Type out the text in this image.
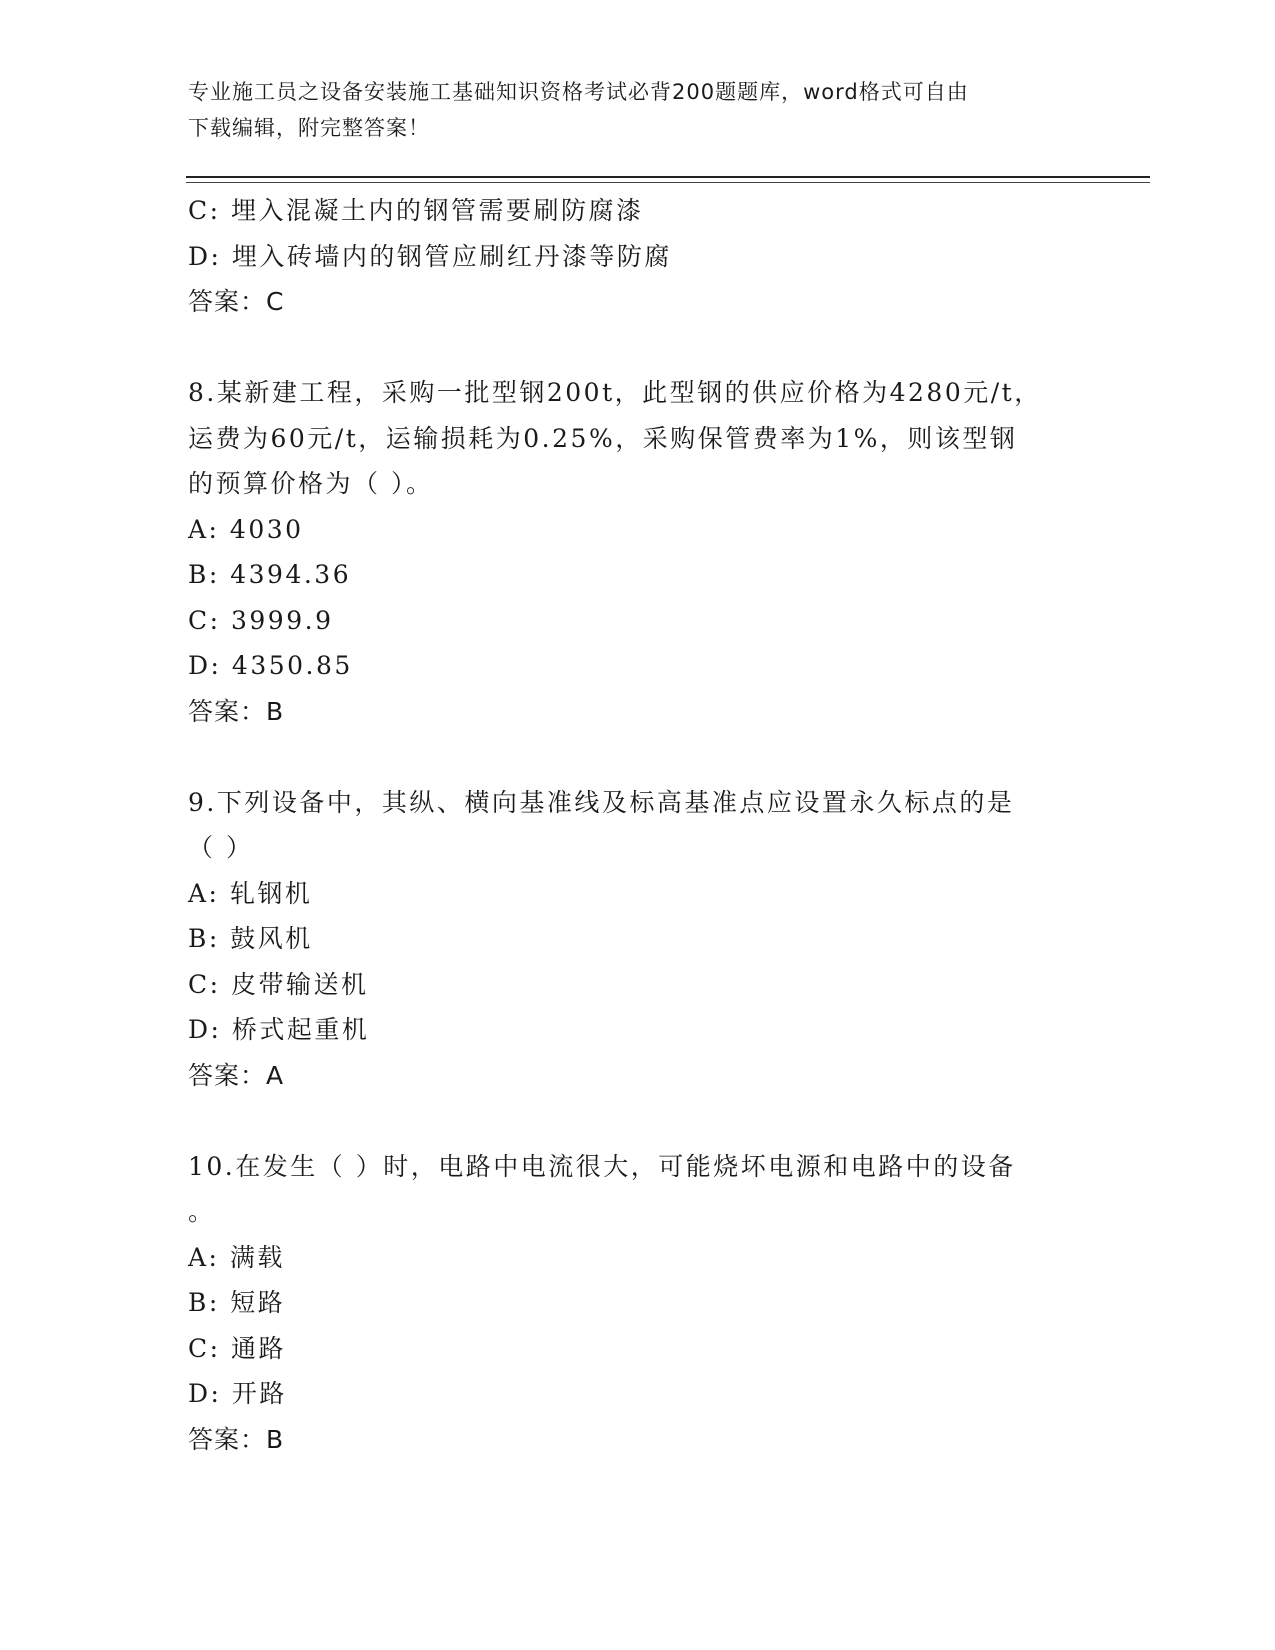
专业施工员之设备安装施工基础知识资格考试必背200题题库，word格式可自由
下载编辑，附完整答案！
C: 埋入混凝土内的钢管需要刷防腐漆
D: 埋入砖墙内的钢管应刷红丹漆等防腐
答案：C
8.某新建工程，采购一批型钢200t，此型钢的供应价格为4280元/t，
运费为60元/t，运输损耗为0.25%，采购保管费率为1%，则该型钢
的预算价格为（ ）。
A: 4030
B: 4394.36
C: 3999.9
D: 4350.85
答案：B
9.下列设备中，其纵、横向基准线及标高基准点应设置永久标点的是
（ ）
A: 轧钢机
B: 鼓风机
C: 皮带输送机
D: 桥式起重机
答案：A
10.在发生（ ）时，电路中电流很大，可能烧坏电源和电路中的设备
。
A: 满载
B: 短路
C: 通路
D: 开路
答案：B
